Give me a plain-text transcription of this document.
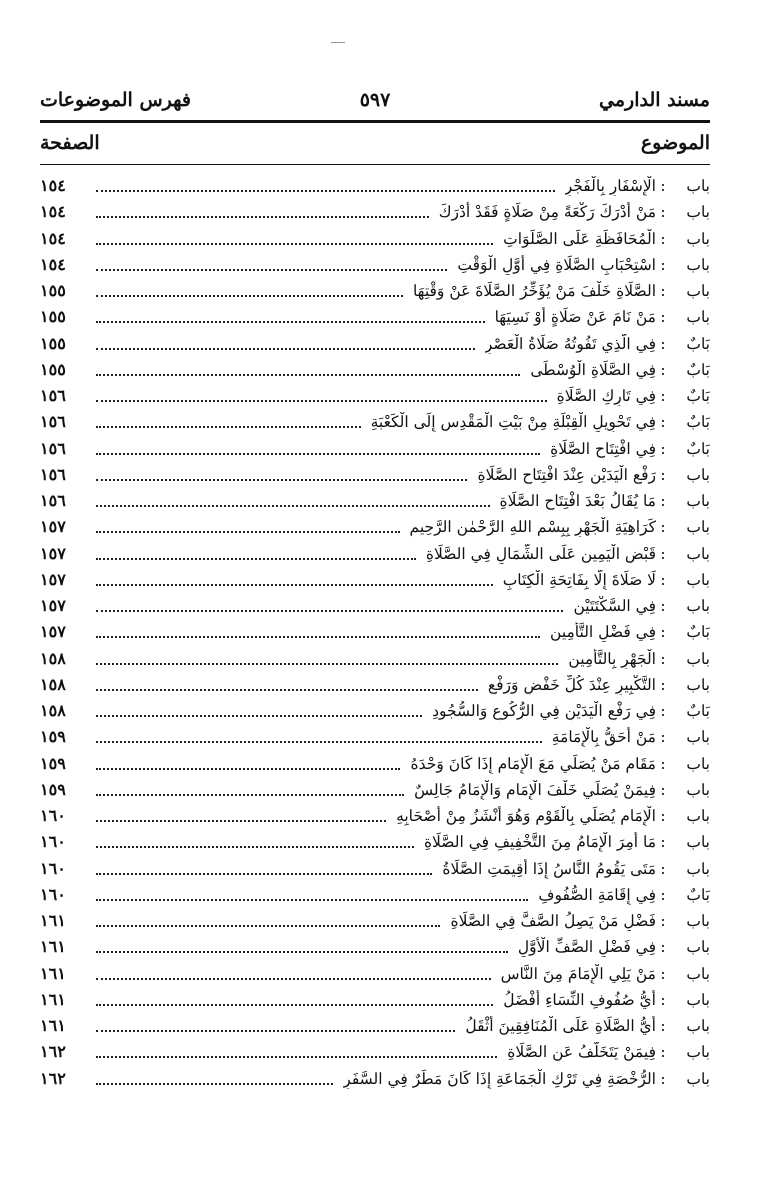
مسند الدارمي
٥٩٧
فهرس الموضوعات
الموضوع
الصفحة
باب
:
الْإِسْفَارِ بِالْفَجْرِ
١٥٤
باب
:
مَنْ أَدْرَكَ رَكْعَةً مِنْ صَلَاةٍ فَقَدْ أَدْرَكَ
١٥٤
باب
:
الْمُحَافَظَةِ عَلَى الصَّلَوَاتِ
١٥٤
باب
:
اسْتِحْبَابِ الصَّلَاةِ فِي أَوَّلِ الْوَقْتِ
١٥٤
باب
:
الصَّلَاةِ خَلْفَ مَنْ يُؤَخِّرُ الصَّلَاةَ عَنْ وَقْتِهَا
١٥٥
باب
:
مَنْ نَامَ عَنْ صَلَاةٍ أَوْ نَسِيَهَا
١٥٥
بَابٌ
:
فِي الَّذِي تَفُوتُهُ صَلَاةُ الْعَصْرِ
١٥٥
بَابٌ
:
فِي الصَّلَاةِ الْوُسْطَى
١٥٥
بَابٌ
:
فِي تَارِكِ الصَّلَاةِ
١٥٦
بَابٌ
:
فِي تَحْوِيلِ الْقِبْلَةِ مِنْ بَيْتِ الْمَقْدِسِ إِلَى الْكَعْبَةِ
١٥٦
بَابٌ
:
فِي افْتِتَاحِ الصَّلَاةِ
١٥٦
باب
:
رَفْعِ الْيَدَيْنِ عِنْدَ افْتِتَاحِ الصَّلَاةِ
١٥٦
باب
:
مَا يُقَالُ بَعْدَ افْتِتَاحِ الصَّلَاةِ
١٥٦
باب
:
كَرَاهِيَةِ الْجَهْرِ بِبِسْمِ اللهِ الرَّحْمٰنِ الرَّحِيمِ
١٥٧
باب
:
قَبْضِ الْيَمِينِ عَلَى الشِّمَالِ فِي الصَّلَاةِ
١٥٧
باب
:
لَا صَلَاةَ إِلَّا بِفَاتِحَةِ الْكِتَابِ
١٥٧
باب
:
فِي السَّكْتَتَيْنِ
١٥٧
بَابٌ
:
فِي فَضْلِ التَّأْمِينِ
١٥٧
باب
:
الْجَهْرِ بِالتَّأْمِينِ
١٥٨
باب
:
التَّكْبِيرِ عِنْدَ كُلِّ خَفْضٍ وَرَفْعٍ
١٥٨
بَابٌ
:
فِي رَفْعِ الْيَدَيْنِ فِي الرُّكُوعِ وَالسُّجُودِ
١٥٨
باب
:
مَنْ أَحَقُّ بِالْإِمَامَةِ
١٥٩
باب
:
مَقَامِ مَنْ يُصَلِّي مَعَ الْإِمَامِ إِذَا كَانَ وَحْدَهُ
١٥٩
باب
:
فِيمَنْ يُصَلِّي خَلْفَ الْإِمَامِ وَالْإِمَامُ جَالِسٌ
١٥٩
باب
:
الْإِمَامِ يُصَلِّي بِالْقَوْمِ وَهُوَ أَنْشَزُ مِنْ أَصْحَابِهِ
١٦٠
باب
:
مَا أُمِرَ الْإِمَامُ مِنَ التَّخْفِيفِ فِي الصَّلَاةِ
١٦٠
باب
:
مَتَى يَقُومُ النَّاسُ إِذَا أُقِيمَتِ الصَّلَاةُ
١٦٠
بَابٌ
:
فِي إِقَامَةِ الصُّفُوفِ
١٦٠
باب
:
فَضْلِ مَنْ يَصِلُ الصَّفَّ فِي الصَّلَاةِ
١٦١
باب
:
فِي فَضْلِ الصَّفِّ الْأَوَّلِ
١٦١
باب
:
مَنْ يَلِي الْإِمَامَ مِنَ النَّاسِ
١٦١
باب
:
أَيُّ صُفُوفِ النِّسَاءِ أَفْضَلُ
١٦١
باب
:
أَيُّ الصَّلَاةِ عَلَى الْمُنَافِقِينَ أَثْقَلُ
١٦١
باب
:
فِيمَنْ يَتَخَلَّفُ عَنِ الصَّلَاةِ
١٦٢
باب
:
الرُّخْصَةِ فِي تَرْكِ الْجَمَاعَةِ إِذَا كَانَ مَطَرٌ فِي السَّفَرِ
١٦٢
